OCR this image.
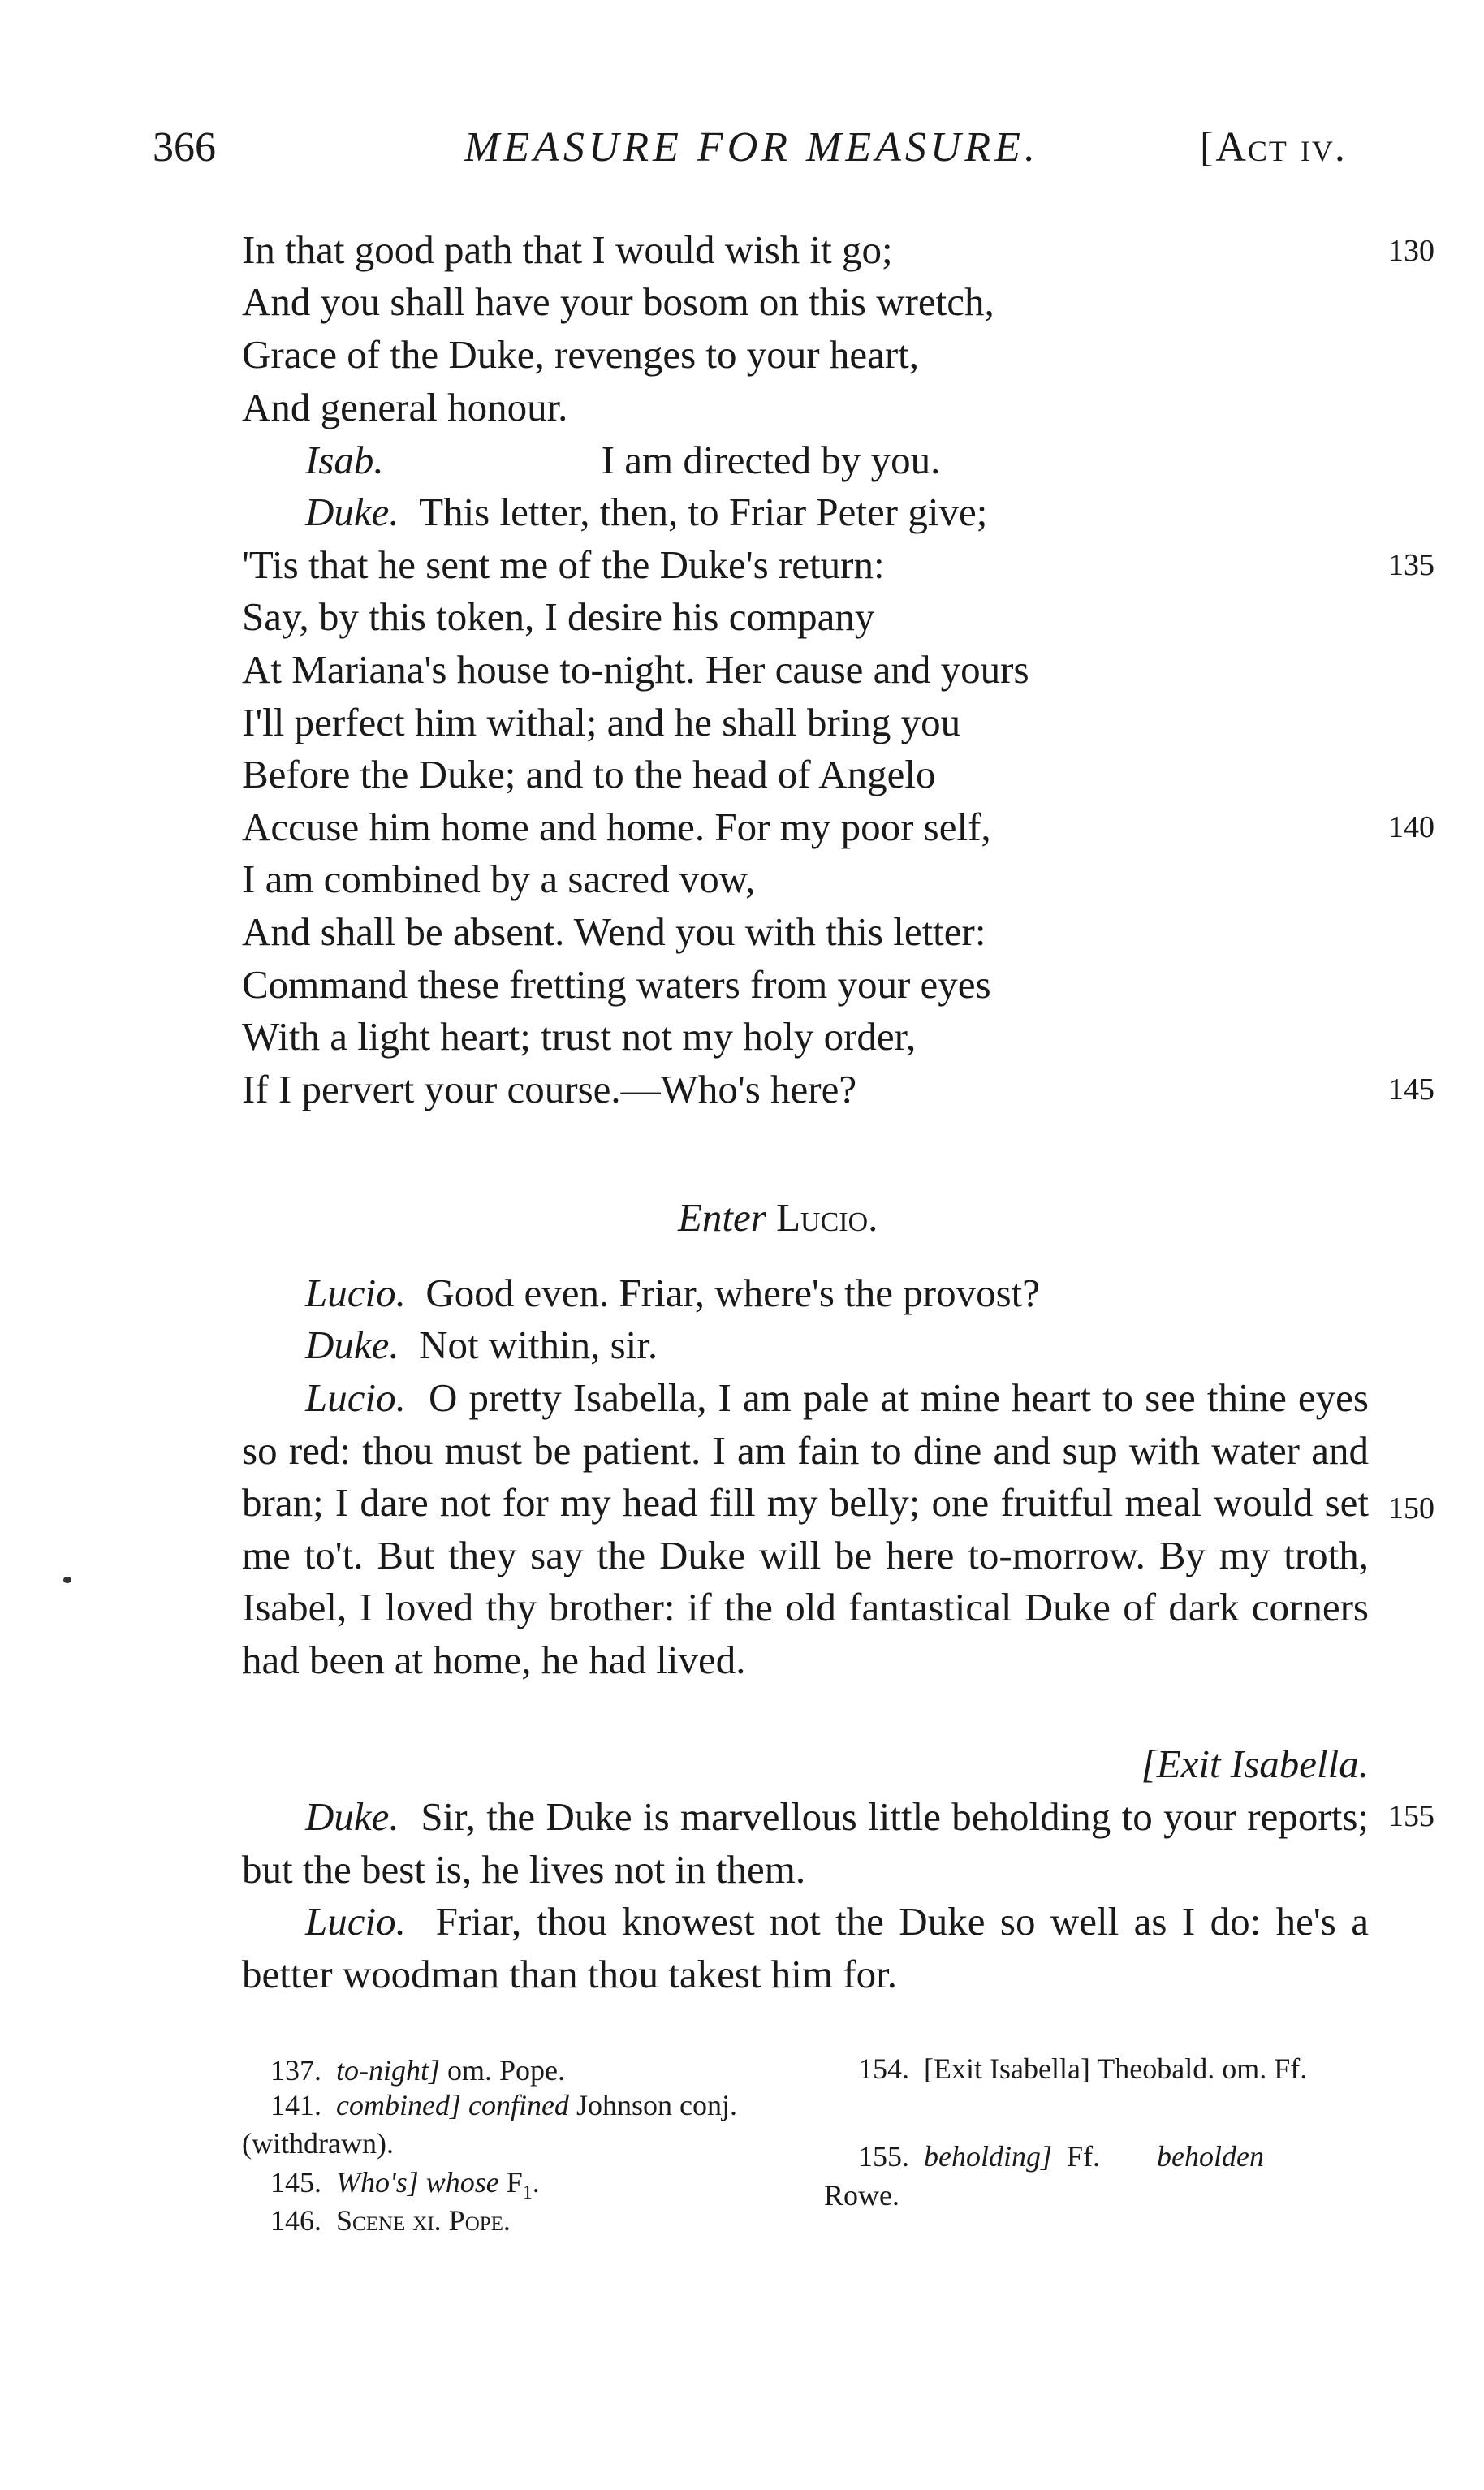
366	MEASURE FOR MEASURE.	[Act iv.
In that good path that I would wish it go;
And you shall have your bosom on this wretch,
Grace of the Duke, revenges to your heart,
And general honour.
Isab.	I am directed by you.
Duke. This letter, then, to Friar Peter give;
'Tis that he sent me of the Duke's return:
Say, by this token, I desire his company
At Mariana's house to-night. Her cause and yours
I'll perfect him withal; and he shall bring you
Before the Duke; and to the head of Angelo
Accuse him home and home. For my poor self,
I am combined by a sacred vow,
And shall be absent. Wend you with this letter:
Command these fretting waters from your eyes
With a light heart; trust not my holy order,
If I pervert your course.—Who's here?
130
135
140
145
150
155
Enter Lucio.
Lucio. Good even. Friar, where's the provost?
Duke. Not within, sir.
Lucio. O pretty Isabella, I am pale at mine heart to see thine eyes so red: thou must be patient. I am fain to dine and sup with water and bran; I dare not for my head fill my belly; one fruitful meal would set me to't. But they say the Duke will be here to-morrow. By my troth, Isabel, I loved thy brother: if the old fantastical Duke of dark corners had been at home, he had lived.
[Exit Isabella.
Duke. Sir, the Duke is marvellous little beholding to your reports; but the best is, he lives not in them.
Lucio. Friar, thou knowest not the Duke so well as I do: he's a better woodman than thou takest him for.
137. to-night] om. Pope.
141. combined] confined Johnson conj. (withdrawn).
145. Who's] whose $F_1$.
146. Scene xi. Pope.
154. [Exit Isabella] Theobald. om. Ff.
155. beholding] Ff. beholden
Rowe.
